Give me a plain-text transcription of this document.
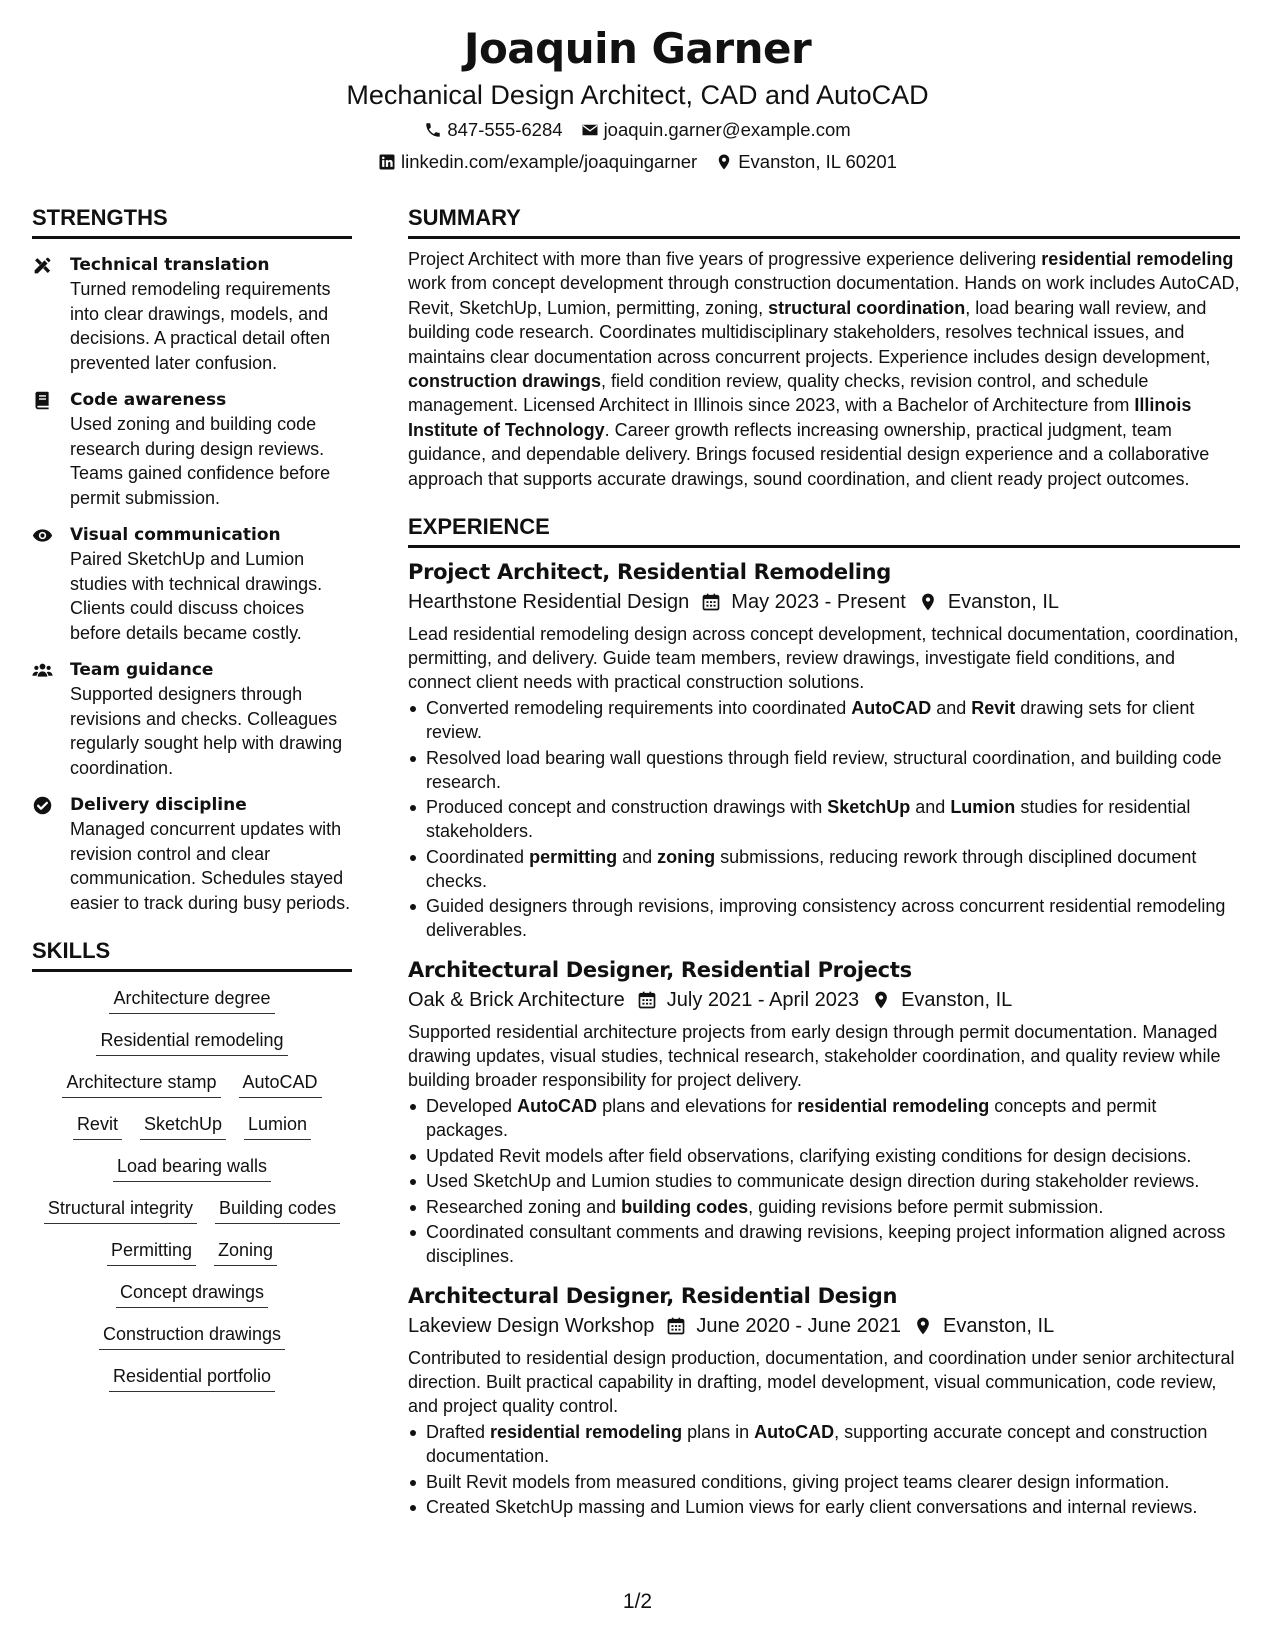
Joaquin Garner
Mechanical Design Architect, CAD and AutoCAD
847-555-6284 joaquin.garner@example.com
linkedin.com/example/joaquingarner Evanston, IL 60201
STRENGTHS
Technical translation
Turned remodeling requirements into clear drawings, models, and decisions. A practical detail often prevented later confusion.
Code awareness
Used zoning and building code research during design reviews. Teams gained confidence before permit submission.
Visual communication
Paired SketchUp and Lumion studies with technical drawings. Clients could discuss choices before details became costly.
Team guidance
Supported designers through revisions and checks. Colleagues regularly sought help with drawing coordination.
Delivery discipline
Managed concurrent updates with revision control and clear communication. Schedules stayed easier to track during busy periods.
SKILLS
Architecture degree
Residential remodeling
Architecture stamp AutoCAD
Revit SketchUp Lumion
Load bearing walls
Structural integrity Building codes
Permitting Zoning
Concept drawings
Construction drawings
Residential portfolio
SUMMARY
Project Architect with more than five years of progressive experience delivering residential remodeling work from concept development through construction documentation. Hands on work includes AutoCAD, Revit, SketchUp, Lumion, permitting, zoning, structural coordination, load bearing wall review, and building code research. Coordinates multidisciplinary stakeholders, resolves technical issues, and maintains clear documentation across concurrent projects. Experience includes design development, construction drawings, field condition review, quality checks, revision control, and schedule management. Licensed Architect in Illinois since 2023, with a Bachelor of Architecture from Illinois Institute of Technology. Career growth reflects increasing ownership, practical judgment, team guidance, and dependable delivery. Brings focused residential design experience and a collaborative approach that supports accurate drawings, sound coordination, and client ready project outcomes.
EXPERIENCE
Project Architect, Residential Remodeling
Hearthstone Residential Design May 2023 - Present Evanston, IL
Lead residential remodeling design across concept development, technical documentation, coordination, permitting, and delivery. Guide team members, review drawings, investigate field conditions, and connect client needs with practical construction solutions.
Converted remodeling requirements into coordinated AutoCAD and Revit drawing sets for client review.
Resolved load bearing wall questions through field review, structural coordination, and building code research.
Produced concept and construction drawings with SketchUp and Lumion studies for residential stakeholders.
Coordinated permitting and zoning submissions, reducing rework through disciplined document checks.
Guided designers through revisions, improving consistency across concurrent residential remodeling deliverables.
Architectural Designer, Residential Projects
Oak & Brick Architecture July 2021 - April 2023 Evanston, IL
Supported residential architecture projects from early design through permit documentation. Managed drawing updates, visual studies, technical research, stakeholder coordination, and quality review while building broader responsibility for project delivery.
Developed AutoCAD plans and elevations for residential remodeling concepts and permit packages.
Updated Revit models after field observations, clarifying existing conditions for design decisions.
Used SketchUp and Lumion studies to communicate design direction during stakeholder reviews.
Researched zoning and building codes, guiding revisions before permit submission.
Coordinated consultant comments and drawing revisions, keeping project information aligned across disciplines.
Architectural Designer, Residential Design
Lakeview Design Workshop June 2020 - June 2021 Evanston, IL
Contributed to residential design production, documentation, and coordination under senior architectural direction. Built practical capability in drafting, model development, visual communication, code review, and project quality control.
Drafted residential remodeling plans in AutoCAD, supporting accurate concept and construction documentation.
Built Revit models from measured conditions, giving project teams clearer design information.
Created SketchUp massing and Lumion views for early client conversations and internal reviews.
1/2
